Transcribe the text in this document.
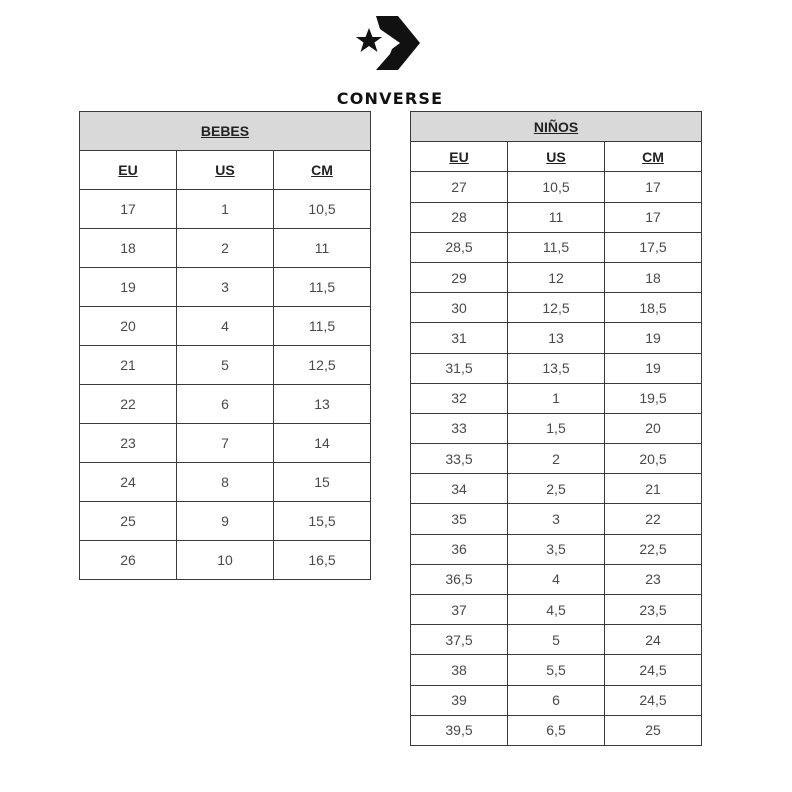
CONVERSE
BEBES		
EU	US	CM
17	1	10,5
18	2	11
19	3	11,5
20	4	11,5
21	5	12,5
22	6	13
23	7	14
24	8	15
25	9	15,5
26	10	16,5
NIÑOS		
EU	US	CM
27	10,5	17
28	11	17
28,5	11,5	17,5
29	12	18
30	12,5	18,5
31	13	19
31,5	13,5	19
32	1	19,5
33	1,5	20
33,5	2	20,5
34	2,5	21
35	3	22
36	3,5	22,5
36,5	4	23
37	4,5	23,5
37,5	5	24
38	5,5	24,5
39	6	24,5
39,5	6,5	25
